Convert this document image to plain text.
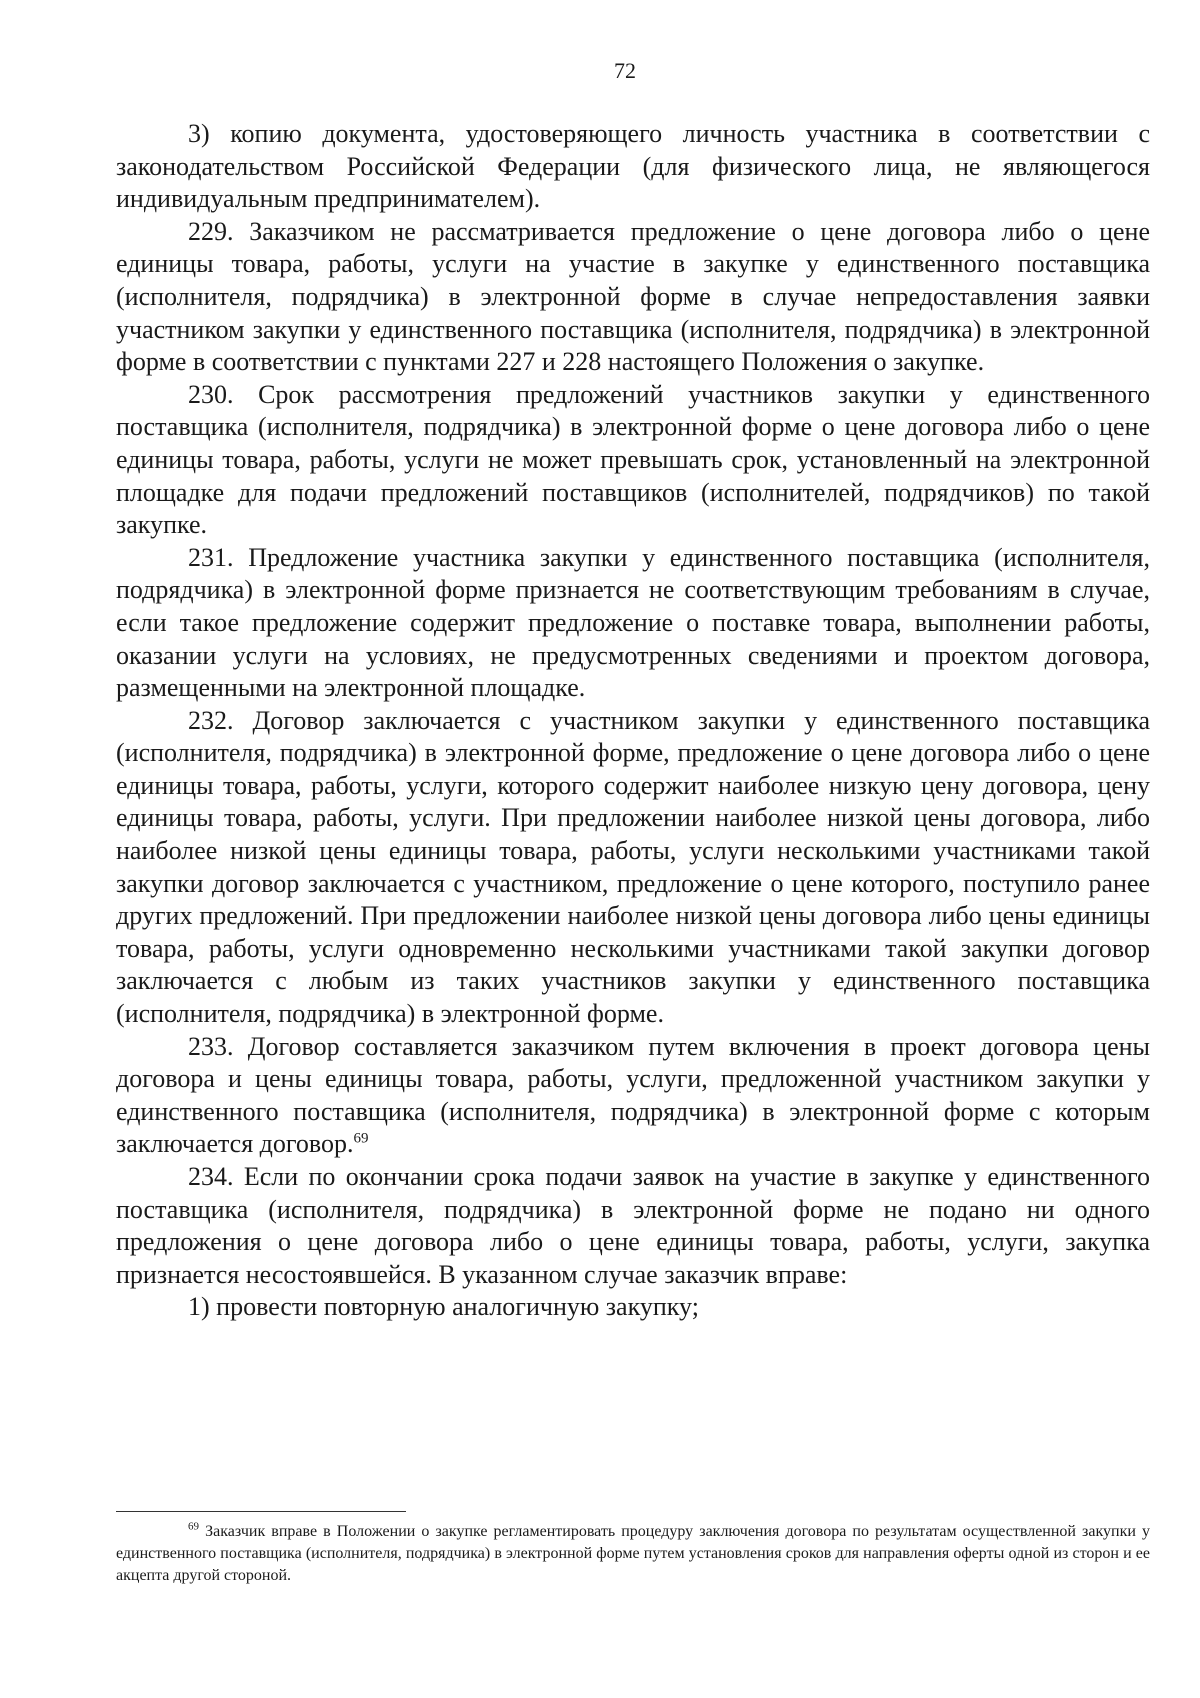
72

3) копию документа, удостоверяющего личность участника в соответствии с законодательством Российской Федерации (для физического лица, не являющегося индивидуальным предпринимателем).

229. Заказчиком не рассматривается предложение о цене договора либо о цене единицы товара, работы, услуги на участие в закупке у единственного поставщика (исполнителя, подрядчика) в электронной форме в случае непредоставления заявки участником закупки у единственного поставщика (исполнителя, подрядчика) в электронной форме в соответствии с пунктами 227 и 228 настоящего Положения о закупке.

230. Срок рассмотрения предложений участников закупки у единственного поставщика (исполнителя, подрядчика) в электронной форме о цене договора либо о цене единицы товара, работы, услуги не может превышать срок, установленный на электронной площадке для подачи предложений поставщиков (исполнителей, подрядчиков) по такой закупке.

231. Предложение участника закупки у единственного поставщика (исполнителя, подрядчика) в электронной форме признается не соответствующим требованиям в случае, если такое предложение содержит предложение о поставке товара, выполнении работы, оказании услуги на условиях, не предусмотренных сведениями и проектом договора, размещенными на электронной площадке.

232. Договор заключается с участником закупки у единственного поставщика (исполнителя, подрядчика) в электронной форме, предложение о цене договора либо о цене единицы товара, работы, услуги, которого содержит наиболее низкую цену договора, цену единицы товара, работы, услуги. При предложении наиболее низкой цены договора, либо наиболее низкой цены единицы товара, работы, услуги несколькими участниками такой закупки договор заключается с участником, предложение о цене которого, поступило ранее других предложений. При предложении наиболее низкой цены договора либо цены единицы товара, работы, услуги одновременно несколькими участниками такой закупки договор заключается с любым из таких участников закупки у единственного поставщика (исполнителя, подрядчика) в электронной форме.

233. Договор составляется заказчиком путем включения в проект договора цены договора и цены единицы товара, работы, услуги, предложенной участником закупки у единственного поставщика (исполнителя, подрядчика) в электронной форме с которым заключается договор.$^{69}$

234. Если по окончании срока подачи заявок на участие в закупке у единственного поставщика (исполнителя, подрядчика) в электронной форме не подано ни одного предложения о цене договора либо о цене единицы товара, работы, услуги, закупка признается несостоявшейся. В указанном случае заказчик вправе:

1) провести повторную аналогичную закупку;

$^{69}$ Заказчик вправе в Положении о закупке регламентировать процедуру заключения договора по результатам осуществленной закупки у единственного поставщика (исполнителя, подрядчика) в электронной форме путем установления сроков для направления оферты одной из сторон и ее акцепта другой стороной.
